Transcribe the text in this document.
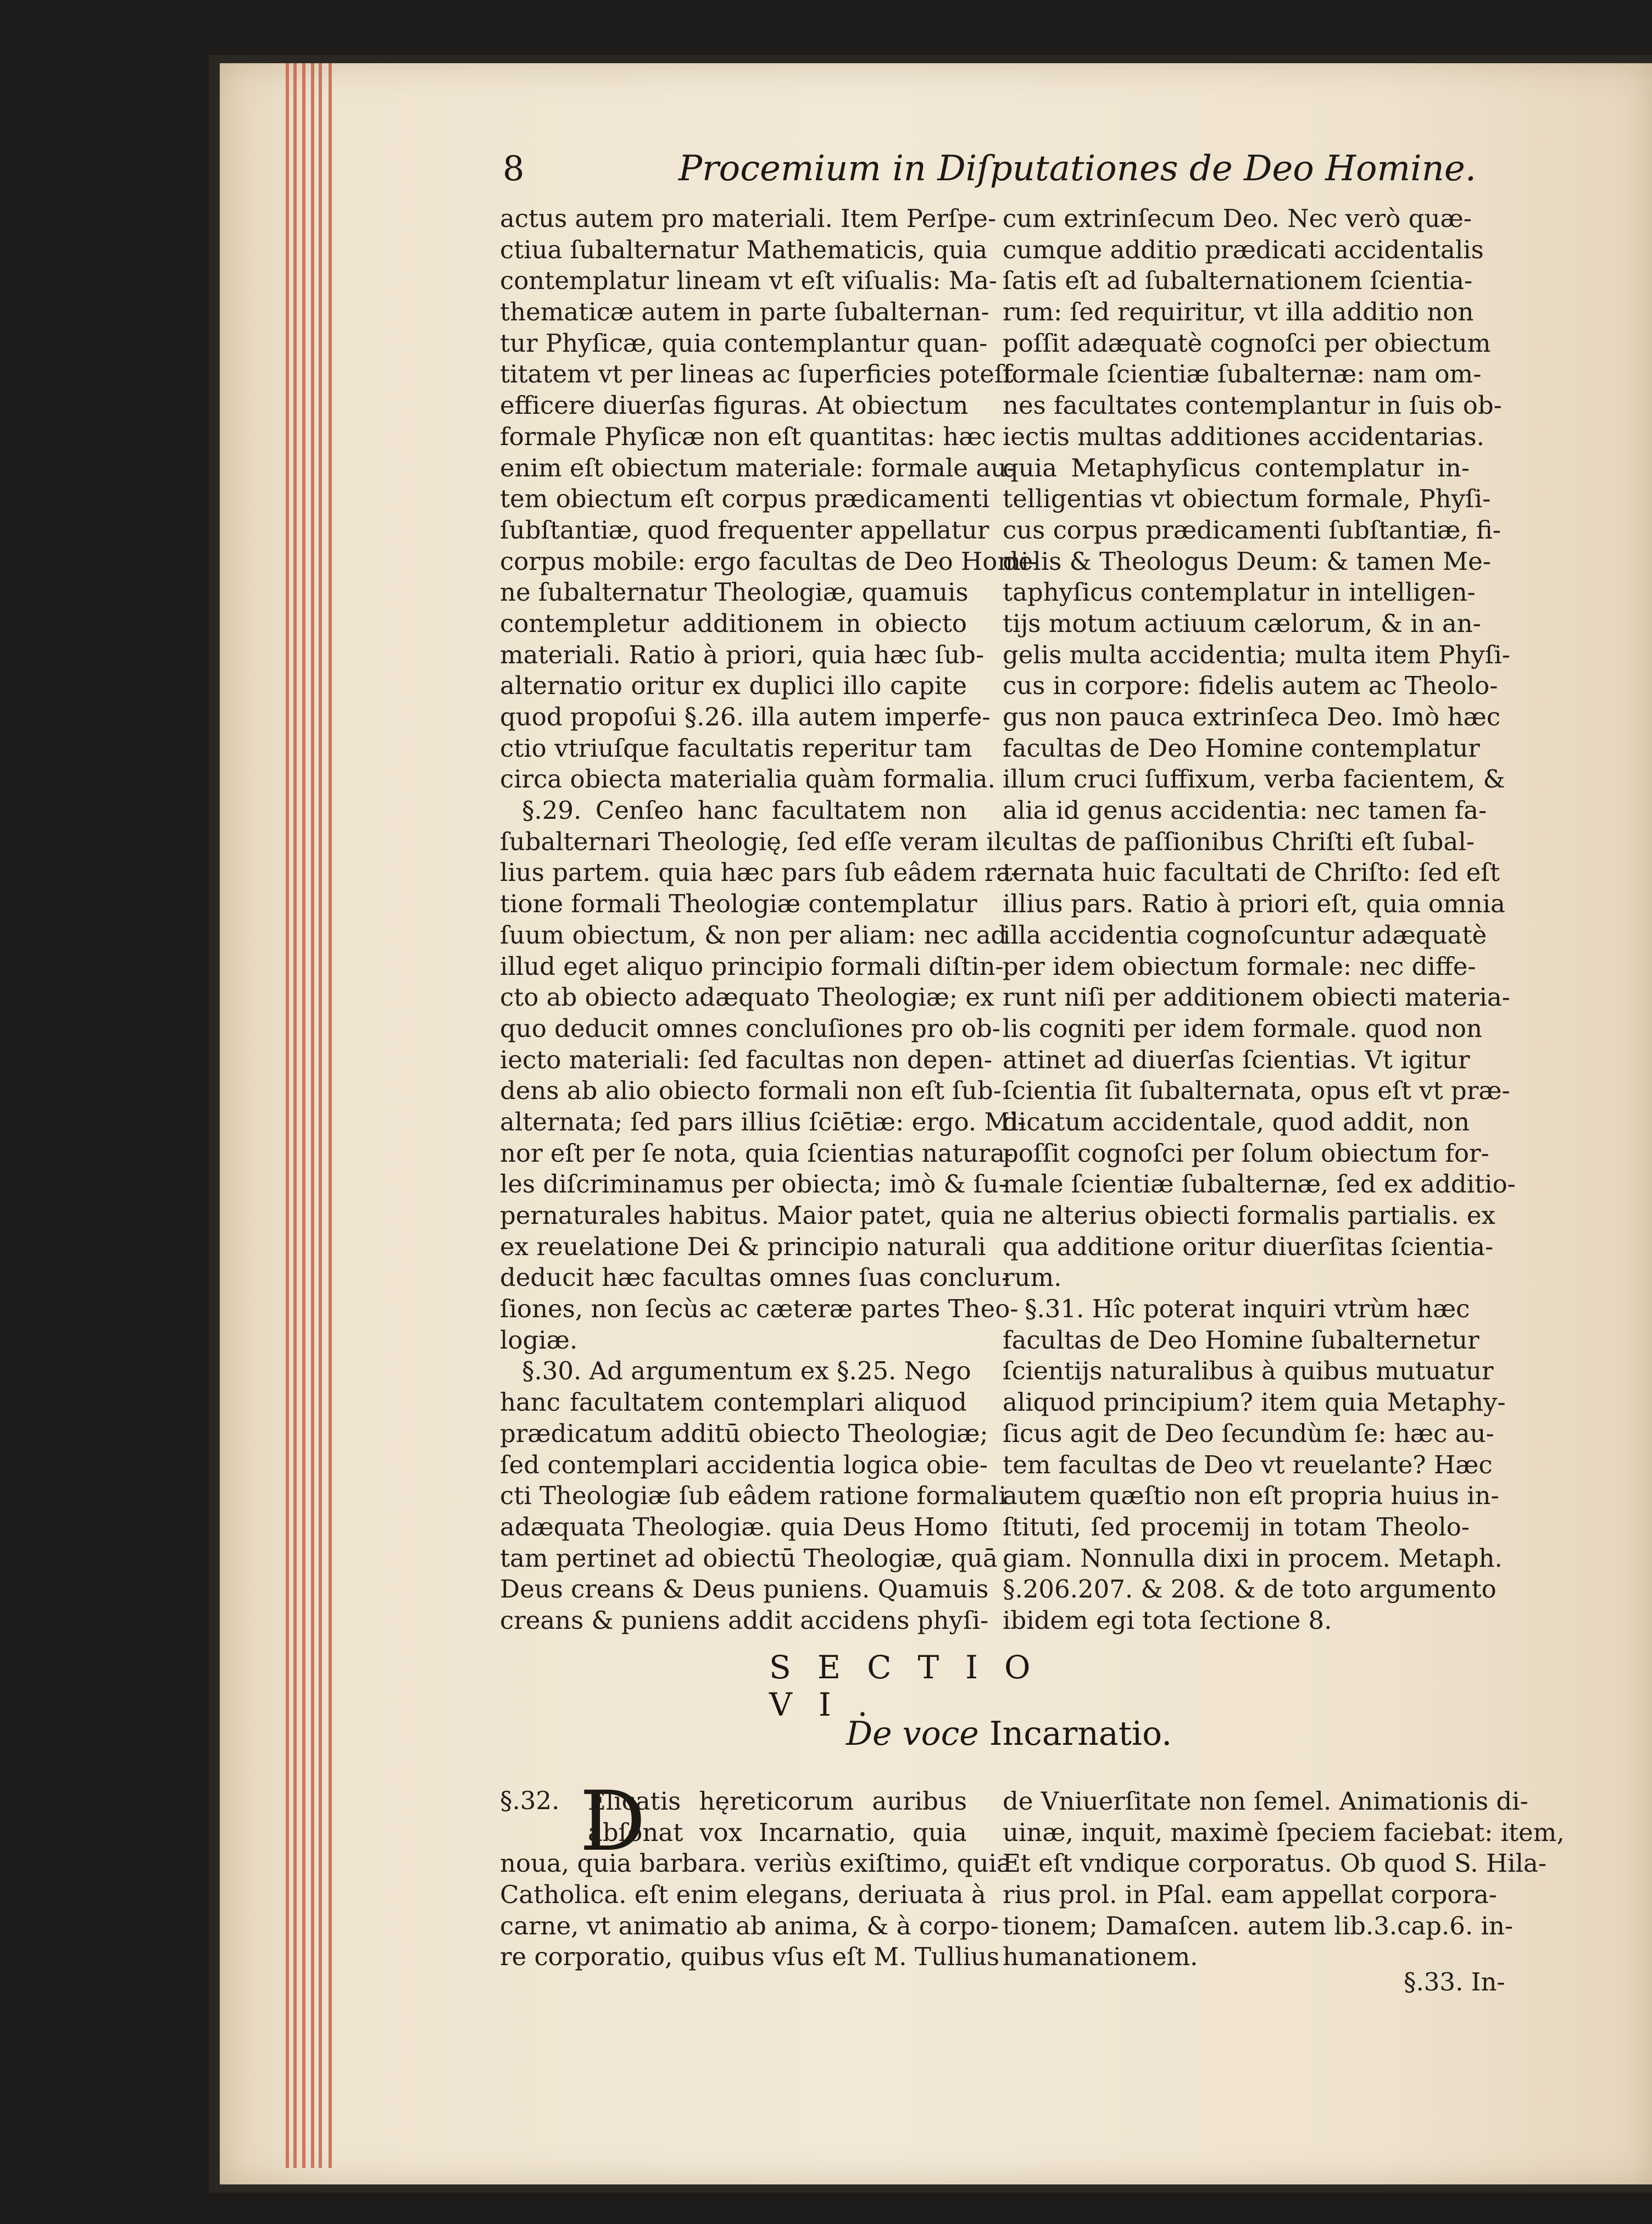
8	Procemium in Diſputationes de Deo Homine.
actus autem pro materiali. Item Perſpe-
ctiua ſubalternatur Mathematicis, quia
contemplatur lineam vt eſt viſualis: Ma-
thematicæ autem in parte ſubalternan-
tur Phyſicæ, quia contemplantur quan-
titatem vt per lineas ac ſuperficies poteſt
efficere diuerſas figuras. At obiectum
formale Phyſicæ non eſt quantitas: hæc
enim eſt obiectum materiale: formale au-
tem obiectum eſt corpus prædicamenti
ſubſtantiæ, quod frequenter appellatur
corpus mobile: ergo facultas de Deo Homi-
ne ſubalternatur Theologiæ, quamuis
contempletur additionem in obiecto
materiali. Ratio à priori, quia hæc ſub-
alternatio oritur ex duplici illo capite
quod propoſui §.26. illa autem imperfe-
ctio vtriuſque facultatis reperitur tam
circa obiecta materialia quàm formalia.
§.29. Cenſeo hanc facultatem non
ſubalternari Theologię, ſed eſſe veram il-
lius partem. quia hæc pars ſub eâdem ra-
tione formali Theologiæ contemplatur
ſuum obiectum, & non per aliam: nec ad
illud eget aliquo principio formali diſtin-
cto ab obiecto adæquato Theologiæ; ex
quo deducit omnes concluſiones pro ob-
iecto materiali: ſed facultas non depen-
dens ab alio obiecto formali non eſt ſub-
alternata; ſed pars illius ſciētiæ: ergo. Mi-
nor eſt per ſe nota, quia ſcientias natura-
les diſcriminamus per obiecta; imò & ſu-
pernaturales habitus. Maior patet, quia
ex reuelatione Dei & principio naturali
deducit hæc facultas omnes ſuas conclu-
ſiones, non ſecùs ac cæteræ partes Theo-
logiæ.
§.30. Ad argumentum ex §.25. Nego
hanc facultatem contemplari aliquod
prædicatum additū obiecto Theologiæ;
ſed contemplari accidentia logica obie-
cti Theologiæ ſub eâdem ratione formali
adæquata Theologiæ. quia Deus Homo
tam pertinet ad obiectū Theologiæ, quā
Deus creans & Deus puniens. Quamuis
creans & puniens addit accidens phyſi-
cum extrinſecum Deo. Nec verò quæ-
cumque additio prædicati accidentalis
ſatis eſt ad ſubalternationem ſcientia-
rum: ſed requiritur, vt illa additio non
poſſit adæquatè cognoſci per obiectum
formale ſcientiæ ſubalternæ: nam om-
nes facultates contemplantur in ſuis ob-
iectis multas additiones accidentarias.
quia Metaphyſicus contemplatur in-
telligentias vt obiectum formale, Phyſi-
cus corpus prædicamenti ſubſtantiæ, fi-
delis & Theologus Deum: & tamen Me-
taphyſicus contemplatur in intelligen-
tijs motum actiuum cælorum, & in an-
gelis multa accidentia; multa item Phyſi-
cus in corpore: fidelis autem ac Theolo-
gus non pauca extrinſeca Deo. Imò hæc
facultas de Deo Homine contemplatur
illum cruci ſuffixum, verba facientem, &
alia id genus accidentia: nec tamen fa-
cultas de paſſionibus Chriſti eſt ſubal-
ternata huic facultati de Chriſto: ſed eſt
illius pars. Ratio à priori eſt, quia omnia
illa accidentia cognoſcuntur adæquatè
per idem obiectum formale: nec diffe-
runt niſi per additionem obiecti materia-
lis cogniti per idem formale. quod non
attinet ad diuerſas ſcientias. Vt igitur
ſcientia ſit ſubalternata, opus eſt vt præ-
dicatum accidentale, quod addit, non
poſſit cognoſci per ſolum obiectum for-
male ſcientiæ ſubalternæ, ſed ex additio-
ne alterius obiecti formalis partialis. ex
qua additione oritur diuerſitas ſcientia-
rum.
§.31. Hîc poterat inquiri vtrùm hæc
facultas de Deo Homine ſubalternetur
ſcientijs naturalibus à quibus mutuatur
aliquod principium? item quia Metaphy-
ſicus agit de Deo ſecundùm ſe: hæc au-
tem facultas de Deo vt reuelante? Hæc
autem quæſtio non eſt propria huius in-
ſtituti, ſed procemij in totam Theolo-
giam. Nonnulla dixi in procem. Metaph.
§.206.207. & 208. & de toto argumento
ibidem egi tota ſectione 8.
SECTIO VI.
De voce Incarnatio.
§.32. D
Elicatis hęreticorum auribus
abſonat vox Incarnatio, quia
noua, quia barbara. veriùs exiſtimo, quia
Catholica. eſt enim elegans, deriuata à
carne, vt animatio ab anima, & à corpo-
re corporatio, quibus vſus eſt M. Tullius
de Vniuerſitate non ſemel. Animationis di-
uinæ, inquit, maximè ſpeciem faciebat: item,
Et eſt vndique corporatus. Ob quod S. Hila-
rius prol. in Pſal. eam appellat corpora-
tionem; Damaſcen. autem lib.3.cap.6. in-
humanationem.
§.33. In-
